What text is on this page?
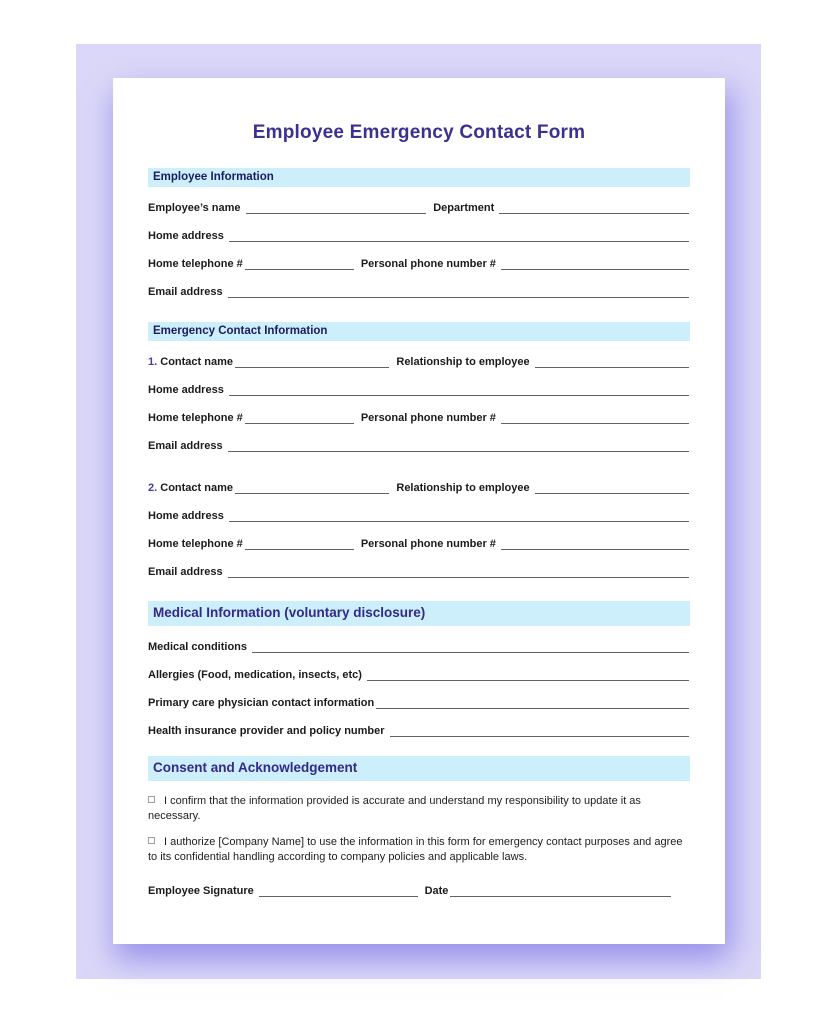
Employee Emergency Contact Form
Employee Information
Employee’s name	Department
Home address
Home telephone #	Personal phone number #
Email address
Emergency Contact Information
1. Contact name	Relationship to employee
Home address
Home telephone #	Personal phone number #
Email address
2. Contact name	Relationship to employee
Home address
Home telephone #	Personal phone number #
Email address
Medical Information (voluntary disclosure)
Medical conditions
Allergies (Food, medication, insects, etc)
Primary care physician contact information
Health insurance provider and policy number
Consent and Acknowledgement
I confirm that the information provided is accurate and understand my responsibility to update it as necessary.
I authorize [Company Name] to use the information in this form for emergency contact purposes and agree to its confidential handling according to company policies and applicable laws.
Employee Signature	Date
